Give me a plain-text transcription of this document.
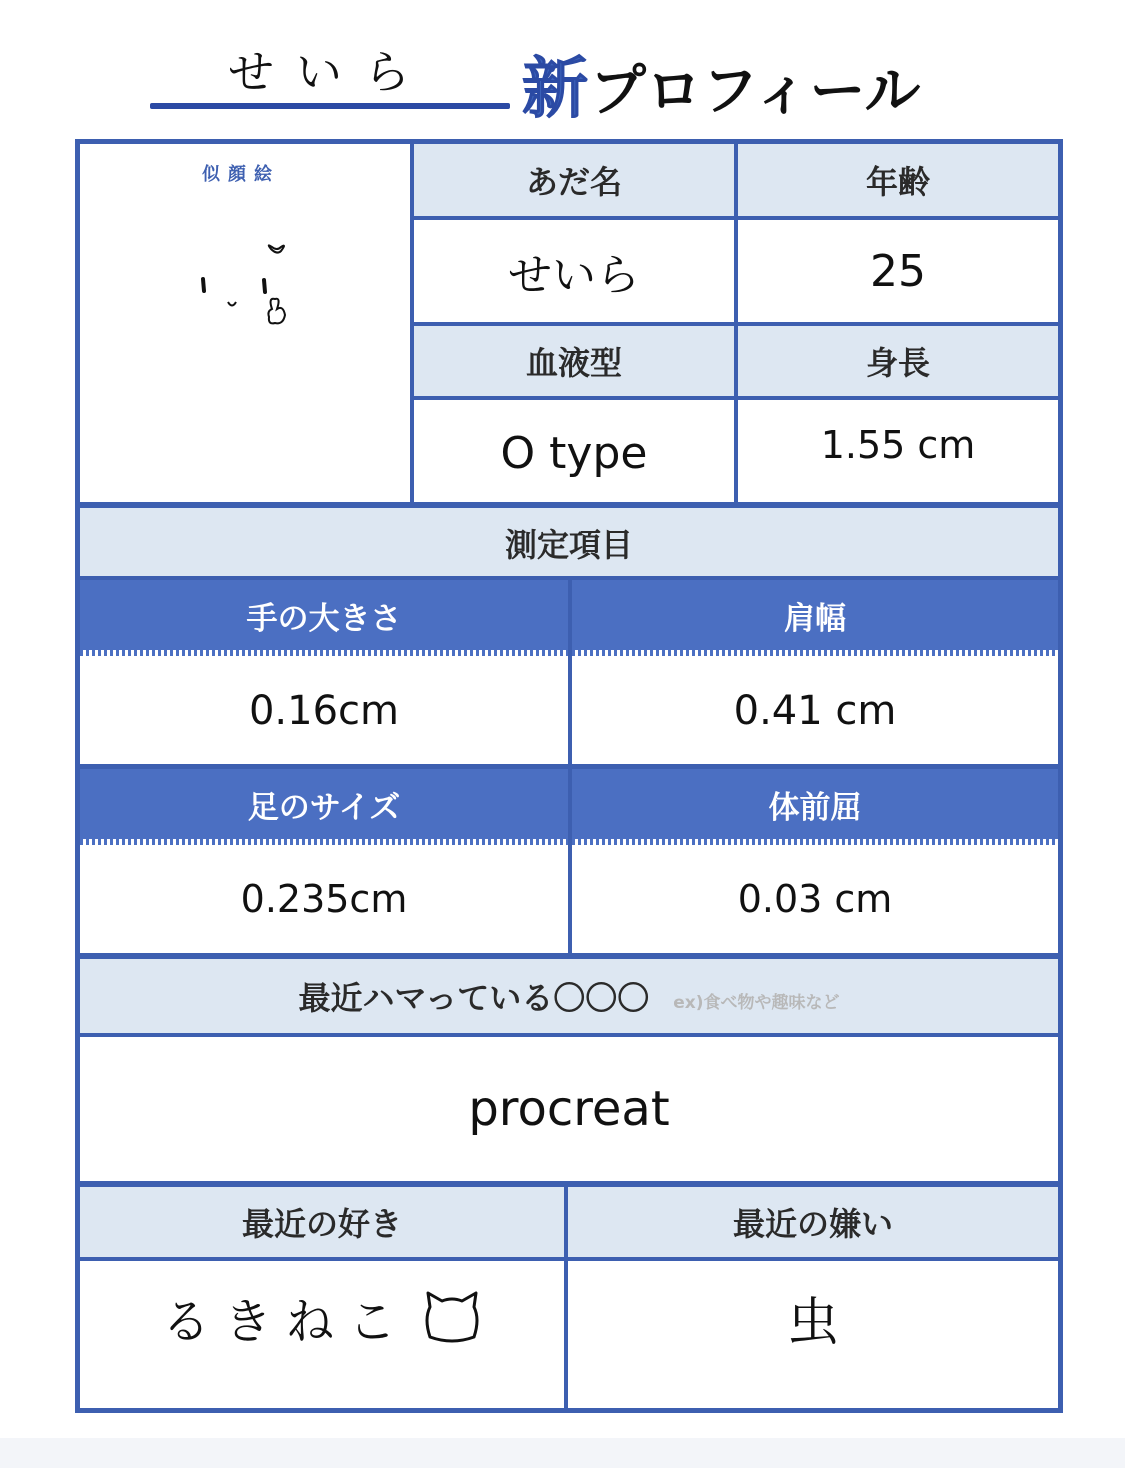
せいら	新 プロフィール
似顔絵	あだ名	年齢
せいら	25
血液型	身長
O type	1.55 cm
測定項目
手の大きさ	肩幅
0.16cm	0.41 cm
足のサイズ	体前屈
0.235cm	0.03 cm
最近ハマっている〇〇〇 ex)食べ物や趣味など
procreat
最近の好き	最近の嫌い
るきねこ	虫
